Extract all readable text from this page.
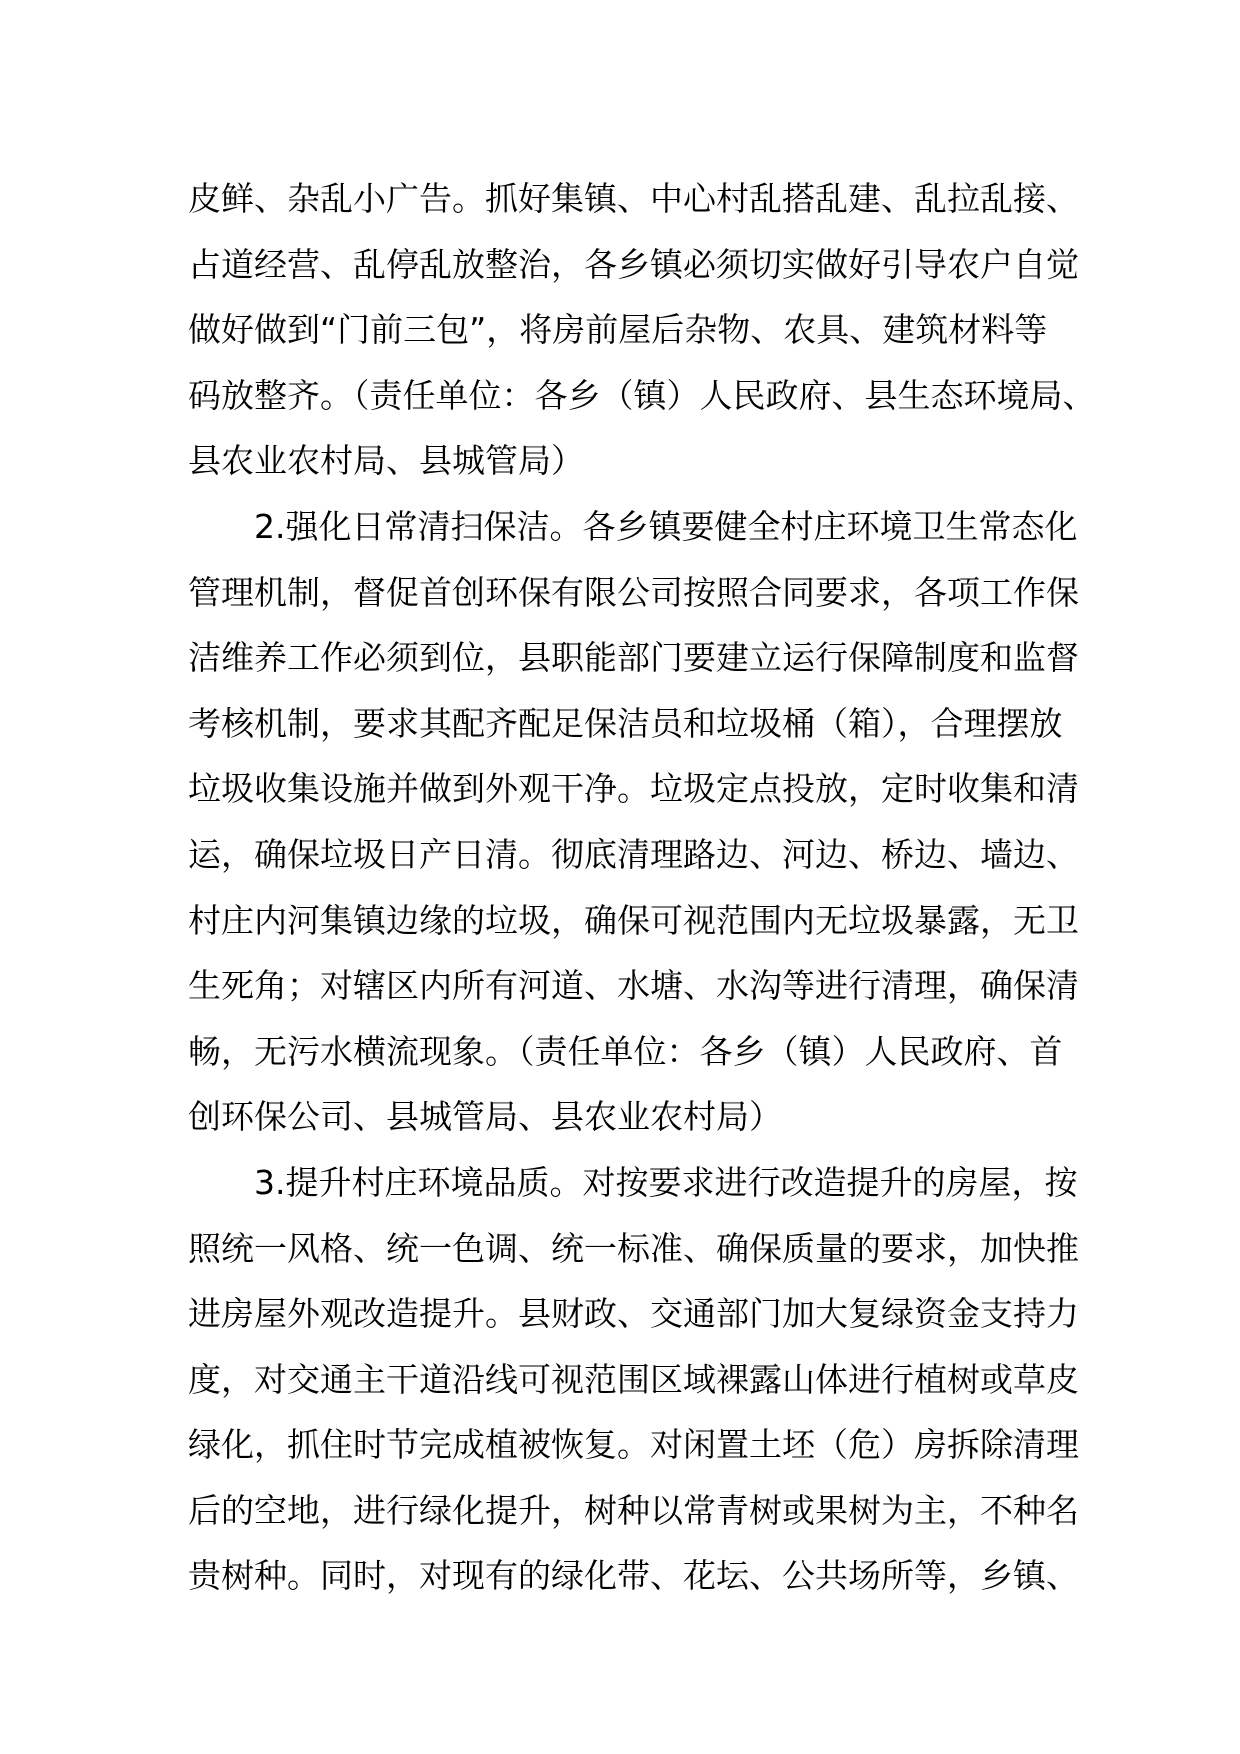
皮鲜、杂乱小广告。抓好集镇、中心村乱搭乱建、乱拉乱接、
占道经营、乱停乱放整治，各乡镇必须切实做好引导农户自觉
做好做到“门前三包”，将房前屋后杂物、农具、建筑材料等
码放整齐。（责任单位：各乡（镇）人民政府、县生态环境局、
县农业农村局、县城管局）
2.强化日常清扫保洁。各乡镇要健全村庄环境卫生常态化
管理机制，督促首创环保有限公司按照合同要求，各项工作保
洁维养工作必须到位，县职能部门要建立运行保障制度和监督
考核机制，要求其配齐配足保洁员和垃圾桶（箱），合理摆放
垃圾收集设施并做到外观干净。垃圾定点投放，定时收集和清
运，确保垃圾日产日清。彻底清理路边、河边、桥边、墙边、
村庄内河集镇边缘的垃圾，确保可视范围内无垃圾暴露，无卫
生死角；对辖区内所有河道、水塘、水沟等进行清理，确保清
畅，无污水横流现象。（责任单位：各乡（镇）人民政府、首
创环保公司、县城管局、县农业农村局）
3.提升村庄环境品质。对按要求进行改造提升的房屋，按
照统一风格、统一色调、统一标准、确保质量的要求，加快推
进房屋外观改造提升。县财政、交通部门加大复绿资金支持力
度，对交通主干道沿线可视范围区域裸露山体进行植树或草皮
绿化，抓住时节完成植被恢复。对闲置土坯（危）房拆除清理
后的空地，进行绿化提升，树种以常青树或果树为主，不种名
贵树种。同时，对现有的绿化带、花坛、公共场所等，乡镇、
